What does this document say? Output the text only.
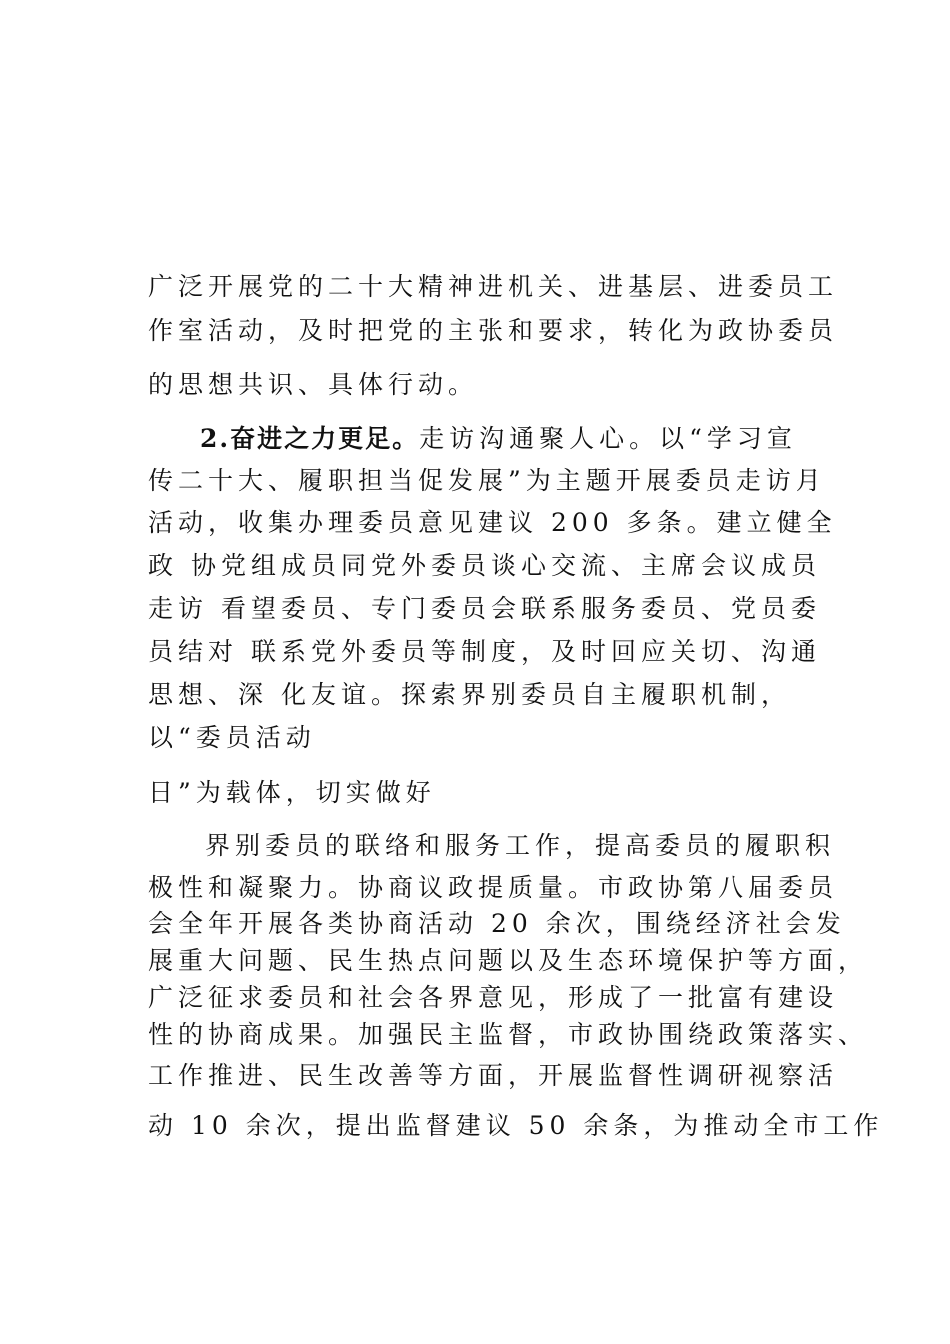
广泛开展党的二十大精神进机关、进基层、进委员工
作室活动，及时把党的主张和要求，转化为政协委员
的思想共识、具体行动。
2.奋进之力更足。走访沟通聚人心。以“学习宣
传二十大、履职担当促发展”为主题开展委员走访月
活动，收集办理委员意见建议 200 多条。建立健全
政 协党组成员同党外委员谈心交流、主席会议成员
走访 看望委员、专门委员会联系服务委员、党员委
员结对 联系党外委员等制度，及时回应关切、沟通
思想、深 化友谊。探索界别委员自主履职机制，
以“委员活动
日”为载体，切实做好
界别委员的联络和服务工作，提高委员的履职积
极性和凝聚力。协商议政提质量。市政协第八届委员
会全年开展各类协商活动 20 余次，围绕经济社会发
展重大问题、民生热点问题以及生态环境保护等方面，
广泛征求委员和社会各界意见，形成了一批富有建设
性的协商成果。加强民主监督，市政协围绕政策落实、
工作推进、民生改善等方面，开展监督性调研视察活
动 10 余次，提出监督建议 50 余条，为推动全市工作
